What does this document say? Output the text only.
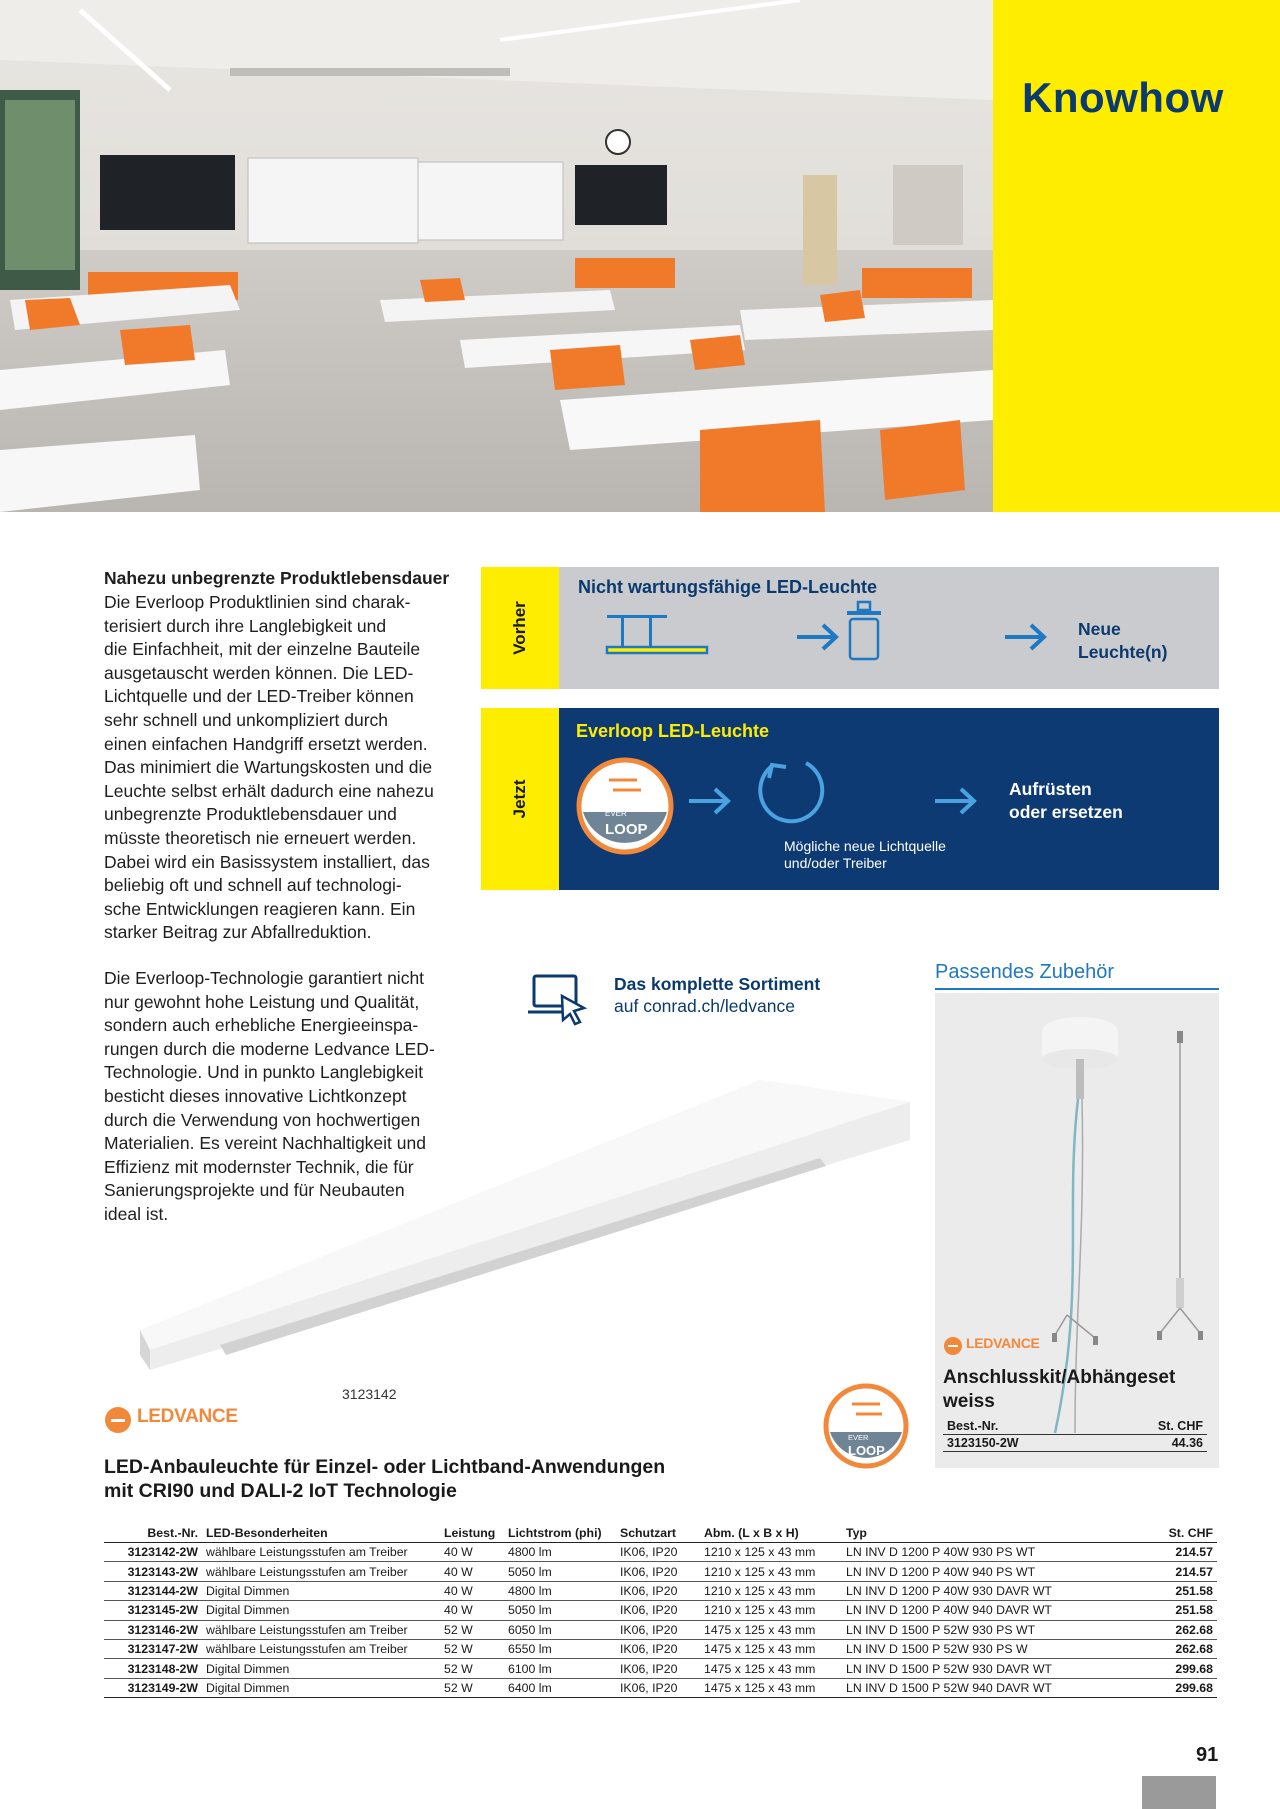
Knowhow
Nahezu unbegrenzte Produktlebensdauer
Die Everloop Produktlinien sind charak-
terisiert durch ihre Langlebigkeit und
die Einfachheit, mit der einzelne Bauteile
ausgetauscht werden können. Die LED-
Lichtquelle und der LED-Treiber können
sehr schnell und unkompliziert durch
einen einfachen Handgriff ersetzt werden.
Das minimiert die Wartungskosten und die
Leuchte selbst erhält dadurch eine nahezu
unbegrenzte Produktlebensdauer und
müsste theoretisch nie erneuert werden.
Dabei wird ein Basissystem installiert, das
beliebig oft und schnell auf technologi-
sche Entwicklungen reagieren kann. Ein
starker Beitrag zur Abfallreduktion.
Die Everloop-Technologie garantiert nicht
nur gewohnt hohe Leistung und Qualität,
sondern auch erhebliche Energieeinspa-
rungen durch die moderne Ledvance LED-
Technologie. Und in punkto Langlebigkeit
besticht dieses innovative Lichtkonzept
durch die Verwendung von hochwertigen
Materialien. Es vereint Nachhaltigkeit und
Effizienz mit modernster Technik, die für
Sanierungsprojekte und für Neubauten
ideal ist.
Vorher
Nicht wartungsfähige LED-Leuchte
Neue
Leuchte(n)
Jetzt	EVER
LOOP
Everloop LED-Leuchte
Mögliche neue Lichtquelle
und/oder Treiber
Aufrüsten
oder ersetzen
Das komplette Sortiment
auf conrad.ch/ledvance
3123142
Passendes Zubehör
LEDVANCE
Anschlusskit/Abhängeset
weiss
Best.-Nr.	St. CHF
3123150-2W	44.36
EVER
LOOP
LEDVANCE
LED-Anbauleuchte für Einzel- oder Lichtband-Anwendungen
mit CRI90 und DALI-2 IoT Technologie
Best.-Nr.	LED-Besonderheiten	Leistung	Lichtstrom (phi)	Schutzart	Abm. (L x B x H)	Typ	St. CHF
3123142-2W	wählbare Leistungsstufen am Treiber	40 W	4800 lm	IK06, IP20	1210 x 125 x 43 mm	LN INV D 1200 P 40W 930 PS WT	214.57
3123143-2W	wählbare Leistungsstufen am Treiber	40 W	5050 lm	IK06, IP20	1210 x 125 x 43 mm	LN INV D 1200 P 40W 940 PS WT	214.57
3123144-2W	Digital Dimmen	40 W	4800 lm	IK06, IP20	1210 x 125 x 43 mm	LN INV D 1200 P 40W 930 DAVR WT	251.58
3123145-2W	Digital Dimmen	40 W	5050 lm	IK06, IP20	1210 x 125 x 43 mm	LN INV D 1200 P 40W 940 DAVR WT	251.58
3123146-2W	wählbare Leistungsstufen am Treiber	52 W	6050 lm	IK06, IP20	1475 x 125 x 43 mm	LN INV D 1500 P 52W 930 PS WT	262.68
3123147-2W	wählbare Leistungsstufen am Treiber	52 W	6550 lm	IK06, IP20	1475 x 125 x 43 mm	LN INV D 1500 P 52W 930 PS W	262.68
3123148-2W	Digital Dimmen	52 W	6100 lm	IK06, IP20	1475 x 125 x 43 mm	LN INV D 1500 P 52W 930 DAVR WT	299.68
3123149-2W	Digital Dimmen	52 W	6400 lm	IK06, IP20	1475 x 125 x 43 mm	LN INV D 1500 P 52W 940 DAVR WT	299.68
91
